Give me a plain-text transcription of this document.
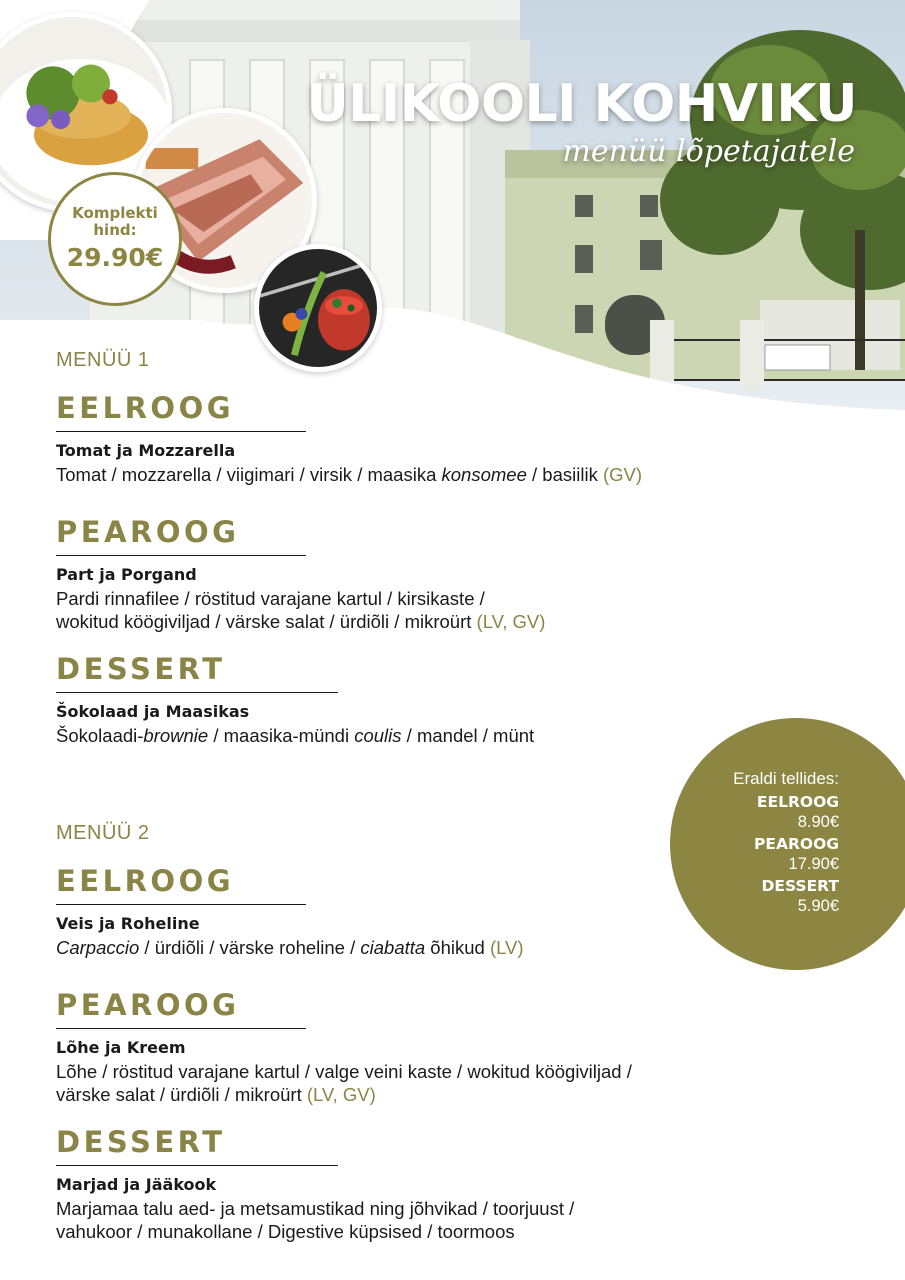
Komplekti
hind:
29.90€
ÜLIKOOLI KOHVIKU
menüü lõpetajatele
MENÜÜ 1
EELROOG
Tomat ja Mozzarella
Tomat / mozzarella / viigimari / virsik / maasika konsomee / basiilik (GV)
PEAROOG
Part ja Porgand
Pardi rinnafilee / röstitud varajane kartul / kirsikaste /
wokitud köögiviljad / värske salat / ürdiõli / mikroürt (LV, GV)
DESSERT
Šokolaad ja Maasikas
Šokolaadi-brownie / maasika-mündi coulis / mandel / münt
MENÜÜ 2
EELROOG
Veis ja Roheline
Carpaccio / ürdiõli / värske roheline / ciabatta õhikud (LV)
PEAROOG
Lõhe ja Kreem
Lõhe / röstitud varajane kartul / valge veini kaste / wokitud köögiviljad /
värske salat / ürdiõli / mikroürt (LV, GV)
DESSERT
Marjad ja Jääkook
Marjamaa talu aed- ja metsamustikad ning jõhvikad / toorjuust /
vahukoor / munakollane / Digestive küpsised / toormoos
Eraldi tellides:
EELROOG
8.90€
PEAROOG
17.90€
DESSERT
5.90€
